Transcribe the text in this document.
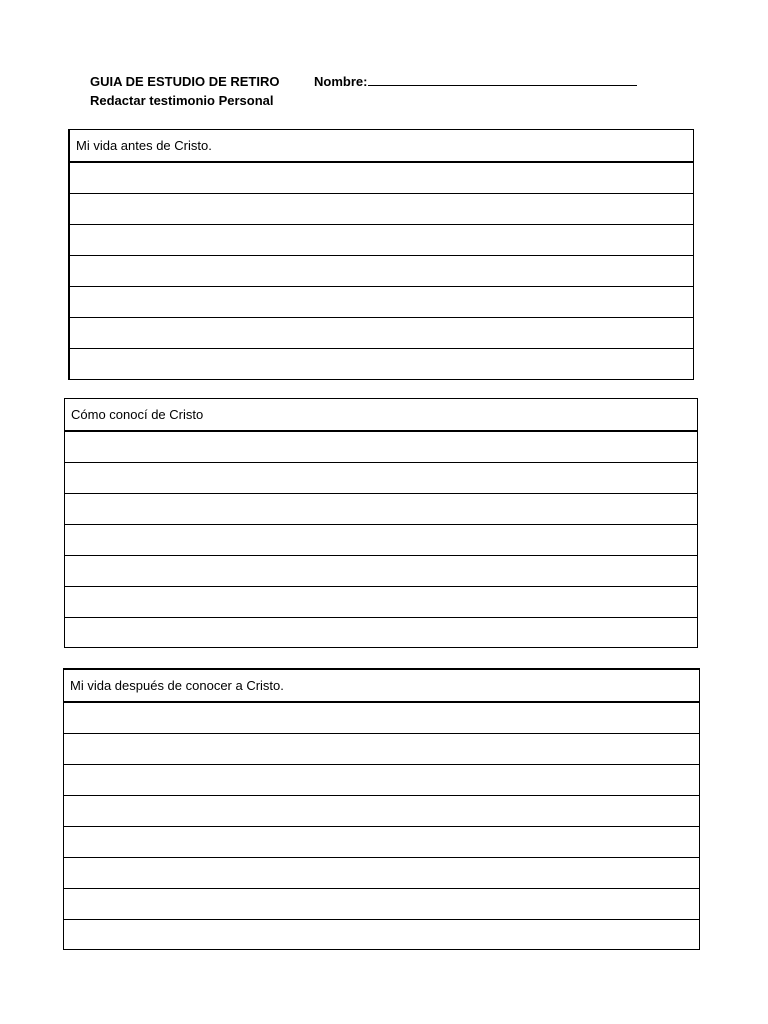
GUIA DE ESTUDIO DE RETIRO	Nombre:
Redactar testimonio Personal
Mi vida antes de Cristo.
Cómo conocí de Cristo
Mi vida después de conocer a Cristo.
